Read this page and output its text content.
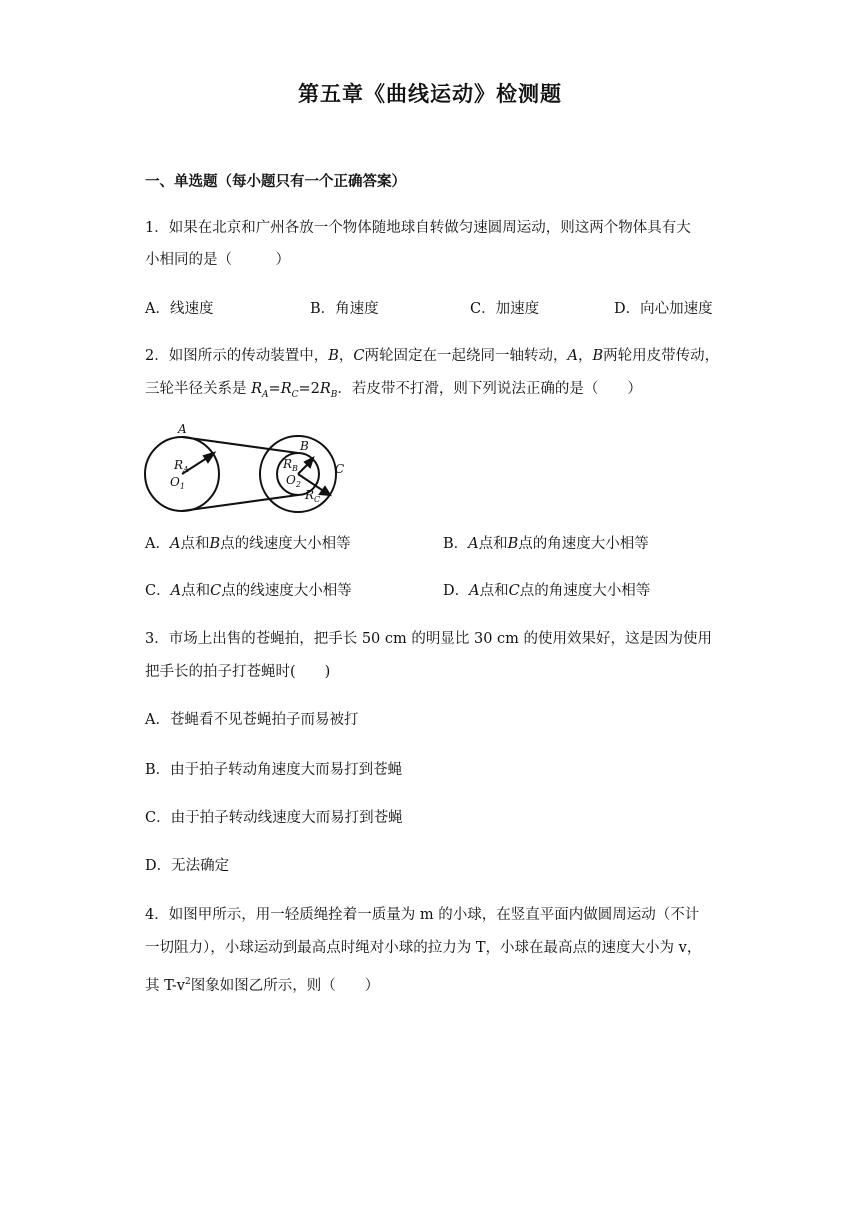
第五章《曲线运动》检测题
一、单选题（每小题只有一个正确答案）
1．如果在北京和广州各放一个物体随地球自转做匀速圆周运动，则这两个物体具有大
小相同的是（　　　）
A．线速度	B．角速度	C．加速度	D．向心加速度
2．如图所示的传动装置中，B，C两轮固定在一起绕同一轴转动，A，B两轮用皮带传动，
三轮半径关系是 $R_A=R_C=2R_B$．若皮带不打滑，则下列说法正确的是（　　）
A
$R_A$
$O_1$
B
$R_B$
$O_2$
C
$R_C$
A．A点和B点的线速度大小相等	B．A点和B点的角速度大小相等
C．A点和C点的线速度大小相等	D．A点和C点的角速度大小相等
3．市场上出售的苍蝇拍，把手长 50 cm 的明显比 30 cm 的使用效果好，这是因为使用
把手长的拍子打苍蝇时(　　)
A．苍蝇看不见苍蝇拍子而易被打
B．由于拍子转动角速度大而易打到苍蝇
C．由于拍子转动线速度大而易打到苍蝇
D．无法确定
4．如图甲所示，用一轻质绳拴着一质量为 m 的小球，在竖直平面内做圆周运动（不计
一切阻力），小球运动到最高点时绳对小球的拉力为 T，小球在最高点的速度大小为 v，
其 $T-v^2$图象如图乙所示，则（　　）
